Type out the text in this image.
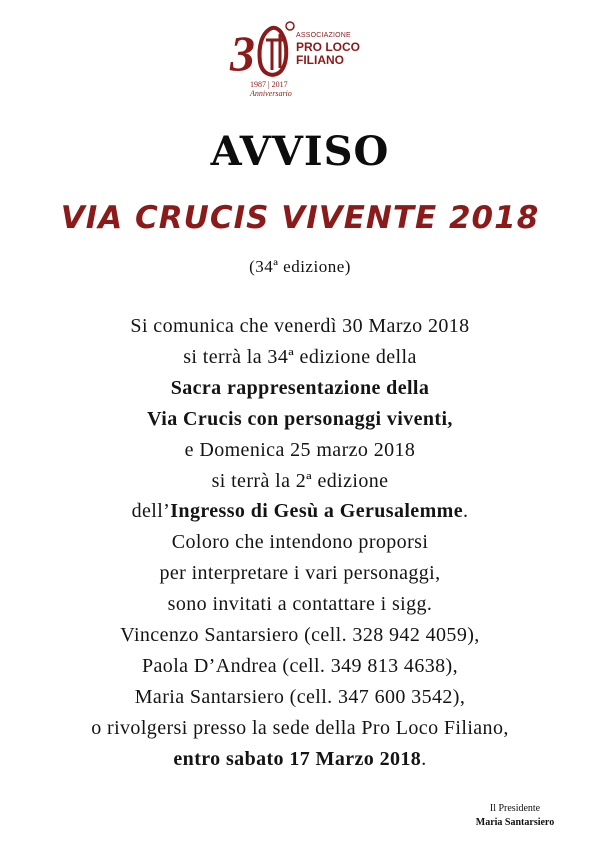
3	ASSOCIAZIONE
PRO LOCO
FILIANO
1987 | 2017
Anniversario
AVVISO
VIA CRUCIS VIVENTE 2018
(34ª edizione)
Si comunica che venerdì 30 Marzo 2018
si terrà la 34ª edizione della
Sacra rappresentazione della
Via Crucis con personaggi viventi,
e Domenica 25 marzo 2018
si terrà la 2ª edizione
dell’Ingresso di Gesù a Gerusalemme.
Coloro che intendono proporsi
per interpretare i vari personaggi,
sono invitati a contattare i sigg.
Vincenzo Santarsiero (cell. 328 942 4059),
Paola D’Andrea (cell. 349 813 4638),
Maria Santarsiero (cell. 347 600 3542),
o rivolgersi presso la sede della Pro Loco Filiano,
entro sabato 17 Marzo 2018.
Il Presidente
Maria Santarsiero
